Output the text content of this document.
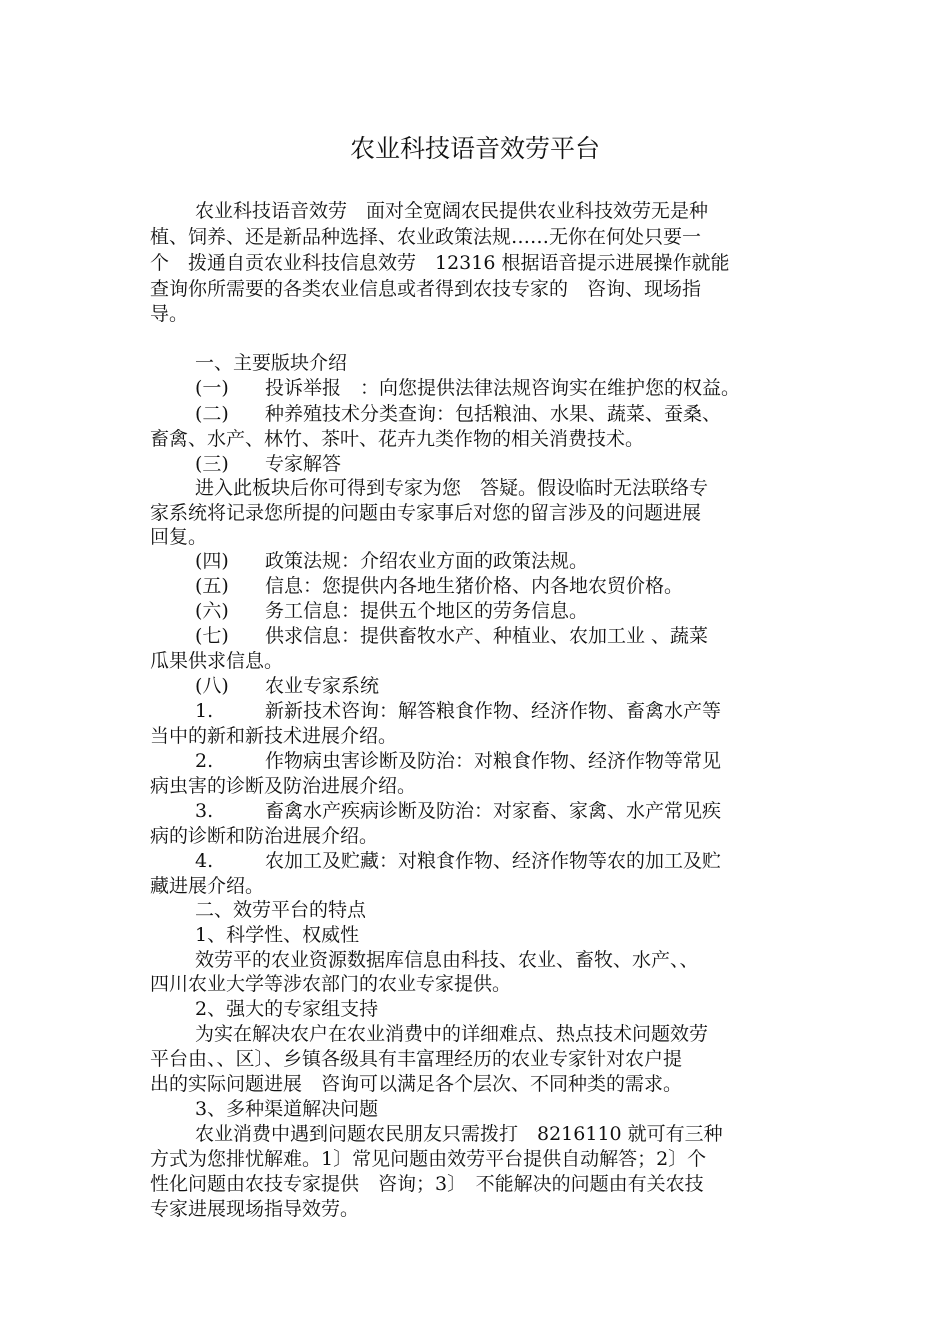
农业科技语音效劳平台
农业科技语音效劳　面对全宽阔农民提供农业科技效劳无是种
植、饲养、还是新品种选择、农业政策法规……无你在何处只要一
个　拨通自贡农业科技信息效劳　12316 根据语音提示进展操作就能
查询你所需要的各类农业信息或者得到农技专家的　咨询、现场指
导。
一、主要版块介绍
(一) 投诉举报　：向您提供法律法规咨询实在维护您的权益。
(二) 种养殖技术分类查询：包括粮油、水果、蔬菜、蚕桑、
畜禽、水产、林竹、茶叶、花卉九类作物的相关消费技术。
(三) 专家解答
进入此板块后你可得到专家为您　答疑。假设临时无法联络专
家系统将记录您所提的问题由专家事后对您的留言涉及的问题进展
回复。
(四) 政策法规：介绍农业方面的政策法规。
(五) 信息：您提供内各地生猪价格、内各地农贸价格。
(六) 务工信息：提供五个地区的劳务信息。
(七) 供求信息：提供畜牧水产、种植业、农加工业 、蔬菜
瓜果供求信息。
(八) 农业专家系统
1.	新新技术咨询：解答粮食作物、经济作物、畜禽水产等
当中的新和新技术进展介绍。
2.	作物病虫害诊断及防治：对粮食作物、经济作物等常见
病虫害的诊断及防治进展介绍。
3.	畜禽水产疾病诊断及防治：对家畜、家禽、水产常见疾
病的诊断和防治进展介绍。
4.	农加工及贮藏：对粮食作物、经济作物等农的加工及贮
藏进展介绍。
二、效劳平台的特点
1、科学性、权威性
效劳平的农业资源数据库信息由科技、农业、畜牧、水产、、
四川农业大学等涉农部门的农业专家提供。
2、强大的专家组支持
为实在解决农户在农业消费中的详细难点、热点技术问题效劳
平台由、、区〕、乡镇各级具有丰富理经历的农业专家针对农户提
出的实际问题进展　咨询可以满足各个层次、不同种类的需求。
3、多种渠道解决问题
农业消费中遇到问题农民朋友只需拨打　8216110 就可有三种
方式为您排忧解难。1〕常见问题由效劳平台提供自动解答；2〕个
性化问题由农技专家提供　咨询；3〕　不能解决的问题由有关农技
专家进展现场指导效劳。
